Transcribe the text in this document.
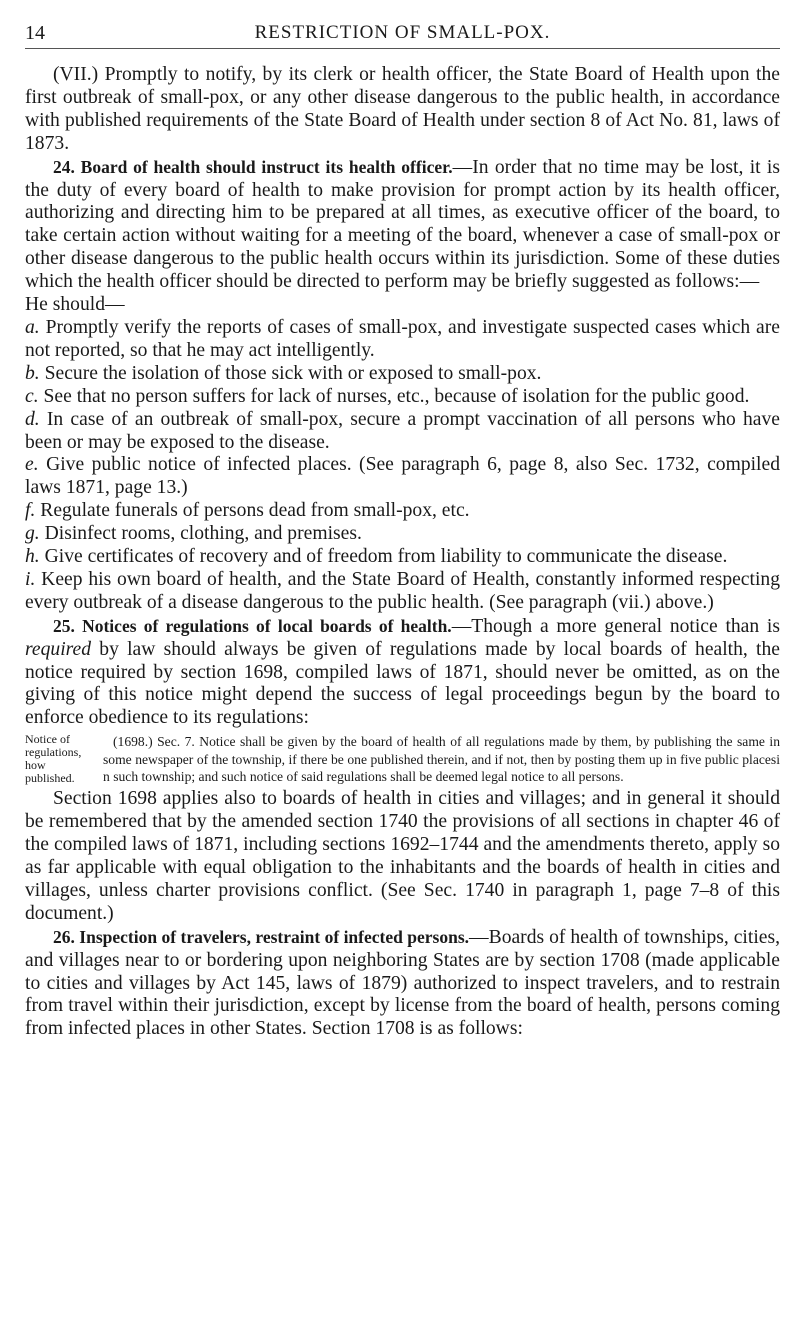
14	RESTRICTION OF SMALL-POX.

(VII.) Promptly to notify, by its clerk or health officer, the State Board of Health upon the first outbreak of small-pox, or any other disease dangerous to the public health, in accordance with published requirements of the State Board of Health under section 8 of Act No. 81, laws of 1873.

24. Board of health should instruct its health officer.—In order that no time may be lost, it is the duty of every board of health to make provision for prompt action by its health officer, authorizing and directing him to be prepared at all times, as executive officer of the board, to take certain action without waiting for a meeting of the board, whenever a case of small-pox or other disease dangerous to the public health occurs within its jurisdiction. Some of these duties which the health officer should be directed to perform may be briefly suggested as follows:—

He should—

a. Promptly verify the reports of cases of small-pox, and investigate suspected cases which are not reported, so that he may act intelligently.

b. Secure the isolation of those sick with or exposed to small-pox.

c. See that no person suffers for lack of nurses, etc., because of isolation for the public good.

d. In case of an outbreak of small-pox, secure a prompt vaccination of all persons who have been or may be exposed to the disease.

e. Give public notice of infected places. (See paragraph 6, page 8, also Sec. 1732, compiled laws 1871, page 13.)

f. Regulate funerals of persons dead from small-pox, etc.

g. Disinfect rooms, clothing, and premises.

h. Give certificates of recovery and of freedom from liability to communicate the disease.

i. Keep his own board of health, and the State Board of Health, constantly informed respecting every outbreak of a disease dangerous to the public health. (See paragraph (vii.) above.)

25. Notices of regulations of local boards of health.—Though a more general notice than is required by law should always be given of regulations made by local boards of health, the notice required by section 1698, compiled laws of 1871, should never be omitted, as on the giving of this notice might depend the success of legal proceedings begun by the board to enforce obedience to its regulations:

Notice of regulations, how published.
(1698.) Sec. 7. Notice shall be given by the board of health of all regulations made by them, by publishing the same in some newspaper of the township, if there be one published therein, and if not, then by posting them up in five public placesi n such township; and such notice of said regulations shall be deemed legal notice to all persons.

Section 1698 applies also to boards of health in cities and villages; and in general it should be remembered that by the amended section 1740 the provisions of all sections in chapter 46 of the compiled laws of 1871, including sections 1692–1744 and the amendments thereto, apply so as far applicable with equal obligation to the inhabitants and the boards of health in cities and villages, unless charter provisions conflict. (See Sec. 1740 in paragraph 1, page 7–8 of this document.)

26. Inspection of travelers, restraint of infected persons.—Boards of health of townships, cities, and villages near to or bordering upon neighboring States are by section 1708 (made applicable to cities and villages by Act 145, laws of 1879) authorized to inspect travelers, and to restrain from travel within their jurisdiction, except by license from the board of health, persons coming from infected places in other States. Section 1708 is as follows:
